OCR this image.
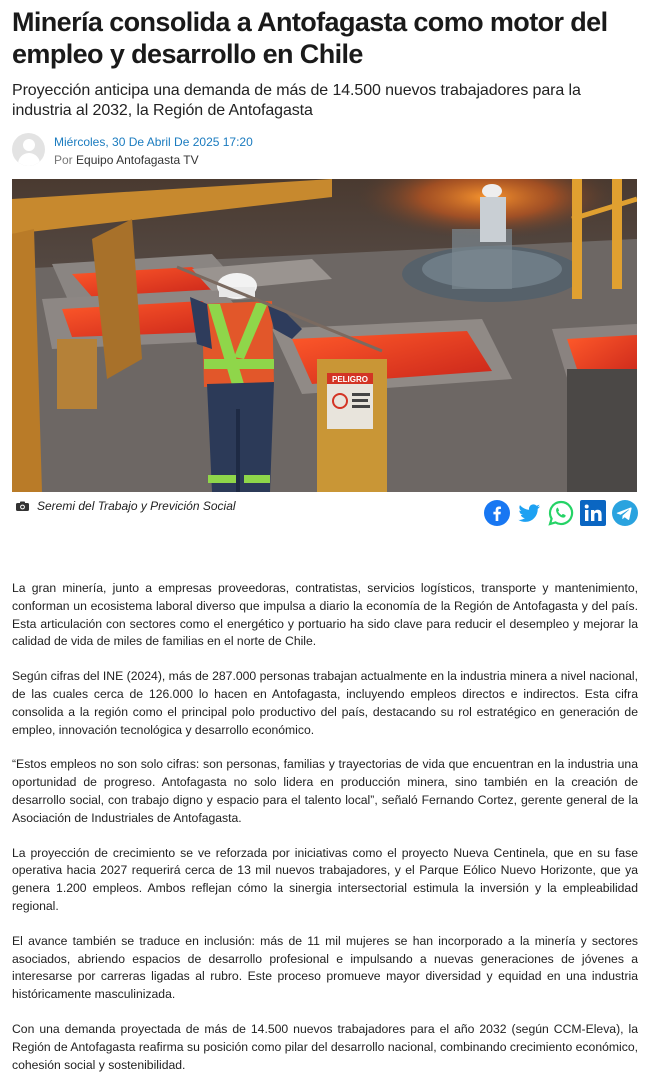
Minería consolida a Antofagasta como motor del empleo y desarrollo en Chile
Proyección anticipa una demanda de más de 14.500 nuevos trabajadores para la industria al 2032, la Región de Antofagasta
Miércoles, 30 De Abril De 2025 17:20
Por Equipo Antofagasta TV
PELIGRO
Seremi del Trabajo y Previción Social

La gran minería, junto a empresas proveedoras, contratistas, servicios logísticos, transporte y mantenimiento, conforman un ecosistema laboral diverso que impulsa a diario la economía de la Región de Antofagasta y del país. Esta articulación con sectores como el energético y portuario ha sido clave para reducir el desempleo y mejorar la calidad de vida de miles de familias en el norte de Chile.

Según cifras del INE (2024), más de 287.000 personas trabajan actualmente en la industria minera a nivel nacional, de las cuales cerca de 126.000 lo hacen en Antofagasta, incluyendo empleos directos e indirectos. Esta cifra consolida a la región como el principal polo productivo del país, destacando su rol estratégico en generación de empleo, innovación tecnológica y desarrollo económico.

“Estos empleos no son solo cifras: son personas, familias y trayectorias de vida que encuentran en la industria una oportunidad de progreso. Antofagasta no solo lidera en producción minera, sino también en la creación de desarrollo social, con trabajo digno y espacio para el talento local”, señaló Fernando Cortez, gerente general de la Asociación de Industriales de Antofagasta.

La proyección de crecimiento se ve reforzada por iniciativas como el proyecto Nueva Centinela, que en su fase operativa hacia 2027 requerirá cerca de 13 mil nuevos trabajadores, y el Parque Eólico Nuevo Horizonte, que ya genera 1.200 empleos. Ambos reflejan cómo la sinergia intersectorial estimula la inversión y la empleabilidad regional.

El avance también se traduce en inclusión: más de 11 mil mujeres se han incorporado a la minería y sectores asociados, abriendo espacios de desarrollo profesional e impulsando a nuevas generaciones de jóvenes a interesarse por carreras ligadas al rubro. Este proceso promueve mayor diversidad y equidad en una industria históricamente masculinizada.

Con una demanda proyectada de más de 14.500 nuevos trabajadores para el año 2032 (según CCM-Eleva), la Región de Antofagasta reafirma su posición como pilar del desarrollo nacional, combinando crecimiento económico, cohesión social y sostenibilidad.
